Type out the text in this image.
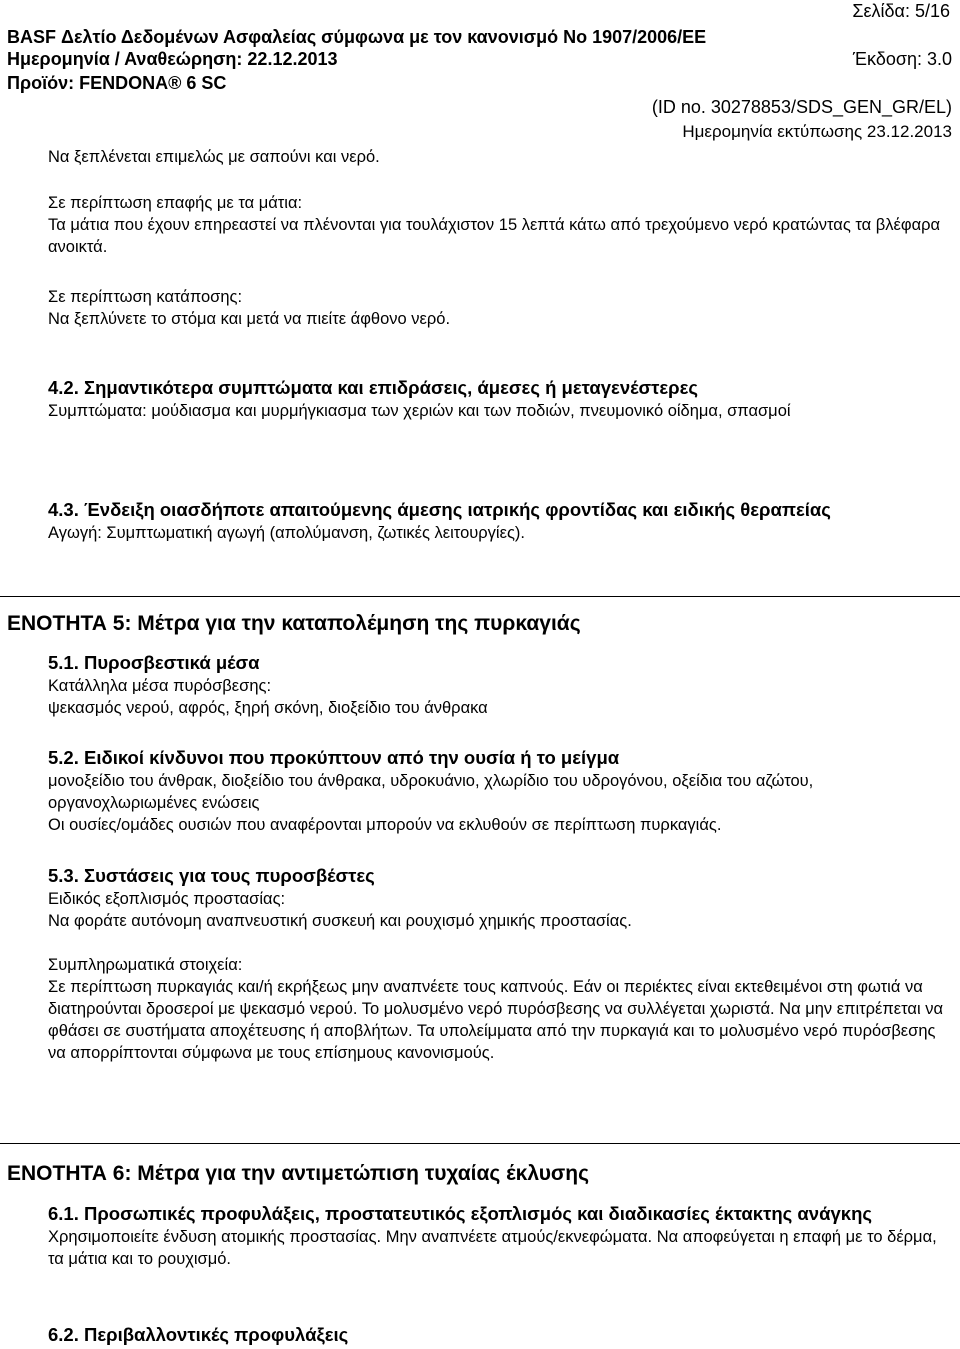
Σελίδα: 5/16
BASF Δελτίο Δεδομένων Ασφαλείας σύμφωνα με τον κανονισμό Νο 1907/2006/ΕΕ
Ημερομηνία / Αναθεώρηση: 22.12.2013	Έκδοση: 3.0
Προϊόν: FENDONA® 6 SC
(ID no. 30278853/SDS_GEN_GR/EL)
Ημερομηνία εκτύπωσης 23.12.2013

Να ξεπλένεται επιμελώς με σαπούνι και νερό.

Σε περίπτωση επαφής με τα μάτια:

Τα μάτια που έχουν επηρεαστεί να πλένονται για τουλάχιστον 15 λεπτά κάτω από τρεχούμενο νερό κρατώντας τα βλέφαρα ανοικτά.

Σε περίπτωση κατάποσης:

Να ξεπλύνετε το στόμα και μετά να πιείτε άφθονο νερό.

4.2. Σημαντικότερα συμπτώματα και επιδράσεις, άμεσες ή μεταγενέστερες

Συμπτώματα: μούδιασμα και μυρμήγκιασμα των χεριών και των ποδιών, πνευμονικό οίδημα, σπασμοί

4.3. Ένδειξη οιασδήποτε απαιτούμενης άμεσης ιατρικής φροντίδας και ειδικής θεραπείας

Αγωγή: Συμπτωματική αγωγή (απολύμανση, ζωτικές λειτουργίες).

ΕΝΟΤΗΤΑ 5: Μέτρα για την καταπολέμηση της πυρκαγιάς

5.1. Πυροσβεστικά μέσα

Κατάλληλα μέσα πυρόσβεσης:

ψεκασμός νερού, αφρός, ξηρή σκόνη, διοξείδιο του άνθρακα

5.2. Ειδικοί κίνδυνοι που προκύπτουν από την ουσία ή το μείγμα

μονοξείδιο του άνθρακ, διοξείδιο του άνθρακα, υδροκυάνιο, χλωρίδιο του υδρογόνου, οξείδια του αζώτου, οργανοχλωριωμένες ενώσεις

Οι ουσίες/ομάδες ουσιών που αναφέρονται μπορούν να εκλυθούν σε περίπτωση πυρκαγιάς.

5.3. Συστάσεις για τους πυροσβέστες

Ειδικός εξοπλισμός προστασίας:

Να φοράτε αυτόνομη αναπνευστική συσκευή και ρουχισμό χημικής προστασίας.

Συμπληρωματικά στοιχεία:

Σε περίπτωση πυρκαγιάς και/ή εκρήξεως μην αναπνέετε τους καπνούς. Εάν οι περιέκτες είναι εκτεθειμένοι στη φωτιά να διατηρούνται δροσεροί με ψεκασμό νερού. Το μολυσμένο νερό πυρόσβεσης να συλλέγεται χωριστά. Να μην επιτρέπεται να φθάσει σε συστήματα αποχέτευσης ή αποβλήτων. Τα υπολείμματα από την πυρκαγιά και το μολυσμένο νερό πυρόσβεσης να απορρίπτονται σύμφωνα με τους επίσημους κανονισμούς.

ΕΝΟΤΗΤΑ 6: Μέτρα για την αντιμετώπιση τυχαίας έκλυσης

6.1. Προσωπικές προφυλάξεις, προστατευτικός εξοπλισμός και διαδικασίες έκτακτης ανάγκης

Χρησιμοποιείτε ένδυση ατομικής προστασίας. Μην αναπνέετε ατμούς/εκνεφώματα. Να αποφεύγεται η επαφή με το δέρμα, τα μάτια και το ρουχισμό.

6.2. Περιβαλλοντικές προφυλάξεις
